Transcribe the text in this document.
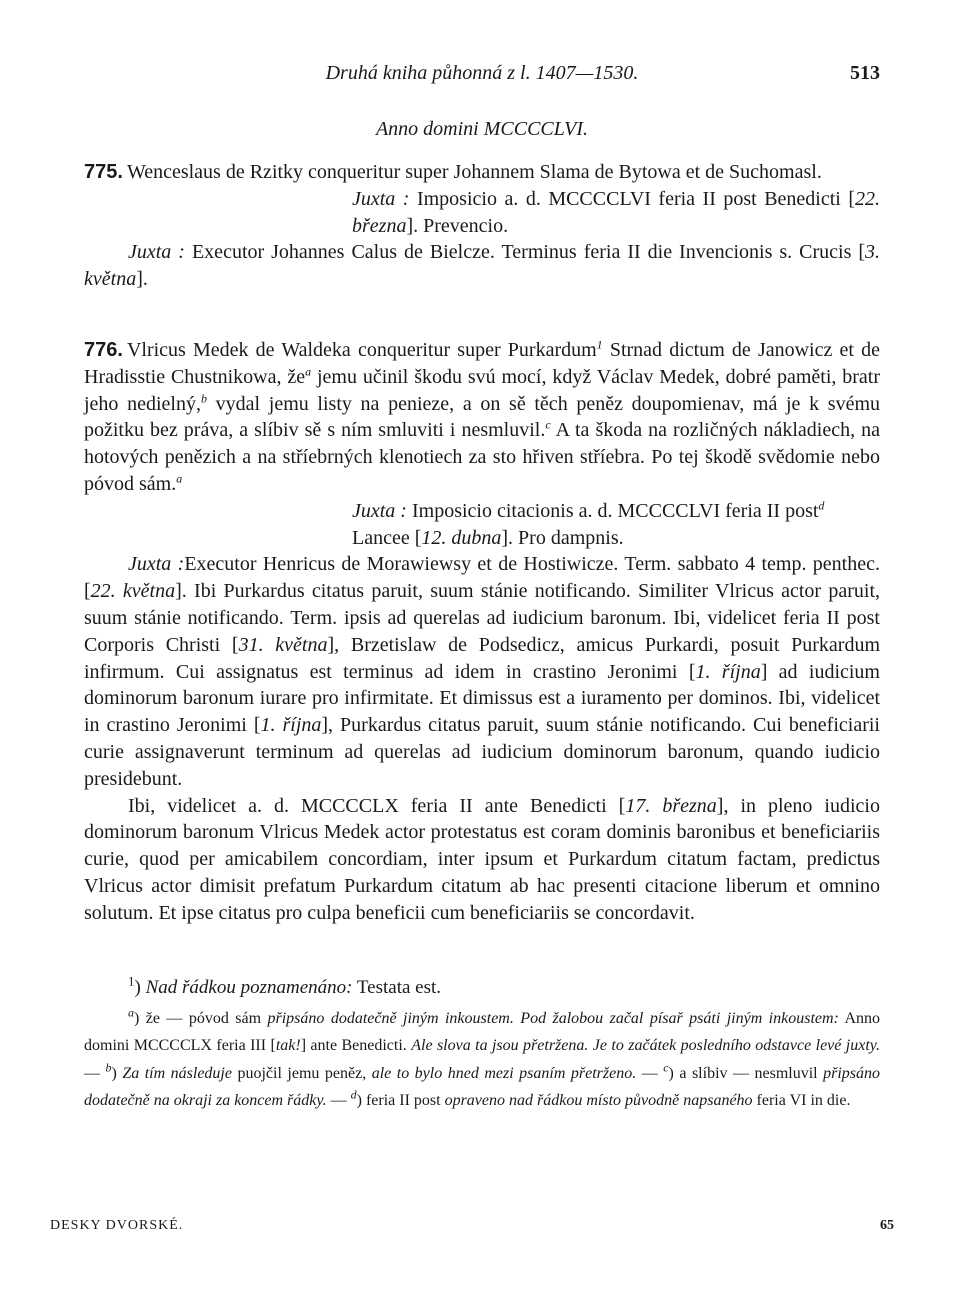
Druhá kniha půhonná z l. 1407—1530.	513
Anno domini MCCCCLVI.

775. Wenceslaus de Rzitky conqueritur super Johannem Slama de Bytowa et de Suchomasl.

Juxta : Imposicio a. d. MCCCCLVI feria II post Benedicti [22. března]. Prevencio.

Juxta : Executor Johannes Calus de Bielcze. Terminus feria II die Invencionis s. Crucis [3. května].

776. Vlricus Medek de Waldeka conqueritur super Purkardum$^1$ Strnad dictum de Janowicz et de Hradisstie Chustnikowa, $že^a$ jemu učinil škodu svú mocí, když Václav Medek, dobré paměti, bratr jeho nedielný,$^b$ vydal jemu listy na penieze, a on sě těch peněz doupomienav, má je k svému požitku bez práva, a slíbiv sě s ním smluviti i nesmluvil.$^c$ A ta škoda na rozličných nákladiech, na hotových penězich a na stříebrných klenotiech za sto hřiven stříebra. Po tej škodě svědomie nebo póvod sám.$^a$

Juxta : Imposicio citacionis a. d. MCCCCLVI feria II post$^d$
Lancee [12. dubna]. Pro dampnis.

Juxta :Executor Henricus de Morawiewsy et de Hostiwicze. Term. sabbato 4 temp. penthec. [22. května]. Ibi Purkardus citatus paruit, suum stánie notificando. Similiter Vlricus actor paruit, suum stánie notificando. Term. ipsis ad querelas ad iudicium baronum. Ibi, videlicet feria II post Corporis Christi [31. května], Brzetislaw de Podsedicz, amicus Purkardi, posuit Purkardum infirmum. Cui assignatus est terminus ad idem in crastino Jeronimi [1. října] ad iudicium dominorum baronum iurare pro infirmitate. Et dimissus est a iuramento per dominos. Ibi, videlicet in crastino Jeronimi [1. října], Purkardus citatus paruit, suum stánie notificando. Cui beneficiarii curie assignaverunt terminum ad querelas ad iudicium dominorum baronum, quando iudicio presidebunt.

Ibi, videlicet a. d. MCCCCLX feria II ante Benedicti [17. března], in pleno iudicio dominorum baronum Vlricus Medek actor protestatus est coram dominis baronibus et beneficiariis curie, quod per amicabilem concordiam, inter ipsum et Purkardum citatum factam, predictus Vlricus actor dimisit prefatum Purkardum citatum ab hac presenti citacione liberum et omnino solutum. Et ipse citatus pro culpa beneficii cum beneficiariis se concordavit.

$^1$) Nad řádkou poznamenáno: Testata est.

$^a$) že — póvod sám připsáno dodatečně jiným inkoustem. Pod žalobou začal písař psáti jiným inkoustem: Anno domini MCCCCLX feria III [tak!] ante Benedicti. Ale slova ta jsou přetržena. Je to začátek posledního odstavce levé juxty. — $^b$) Za tím následuje puojčil jemu peněz, ale to bylo hned mezi psaním přetrženo. — $^c$) a slíbiv — nesmluvil připsáno dodatečně na okraji za koncem řádky. — $^d$) feria II post opraveno nad řádkou místo původně napsaného feria VI in die.

DESKY DVORSKÉ.	65
